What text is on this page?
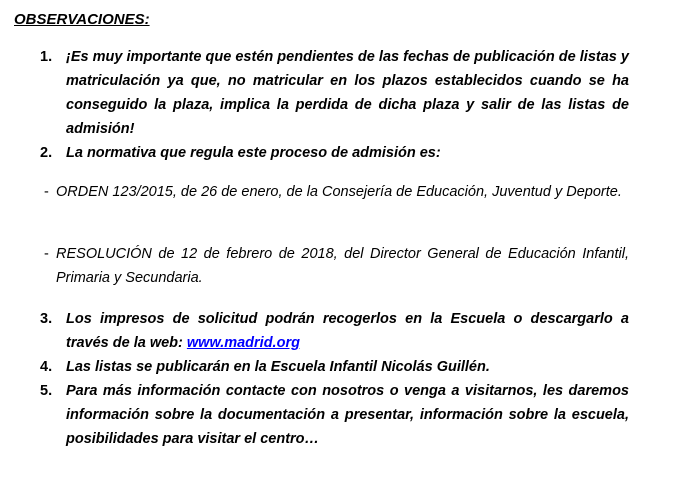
OBSERVACIONES:
1. ¡Es muy importante que estén pendientes de las fechas de publicación de listas y matriculación ya que, no matricular en los plazos establecidos cuando se ha conseguido la plaza, implica la perdida de dicha plaza y salir de las listas de admisión!
2. La normativa que regula este proceso de admisión es:
- ORDEN 123/2015, de 26 de enero, de la Consejería de Educación, Juventud y Deporte.
- RESOLUCIÓN de 12 de febrero de 2018, del Director General de Educación Infantil, Primaria y Secundaria.
3. Los impresos de solicitud podrán recogerlos en la Escuela o descargarlo a través de la web: www.madrid.org
4. Las listas se publicarán en la Escuela Infantil Nicolás Guillén.
5. Para más información contacte con nosotros o venga a visitarnos, les daremos información sobre la documentación a presentar, información sobre la escuela, posibilidades para visitar el centro…
